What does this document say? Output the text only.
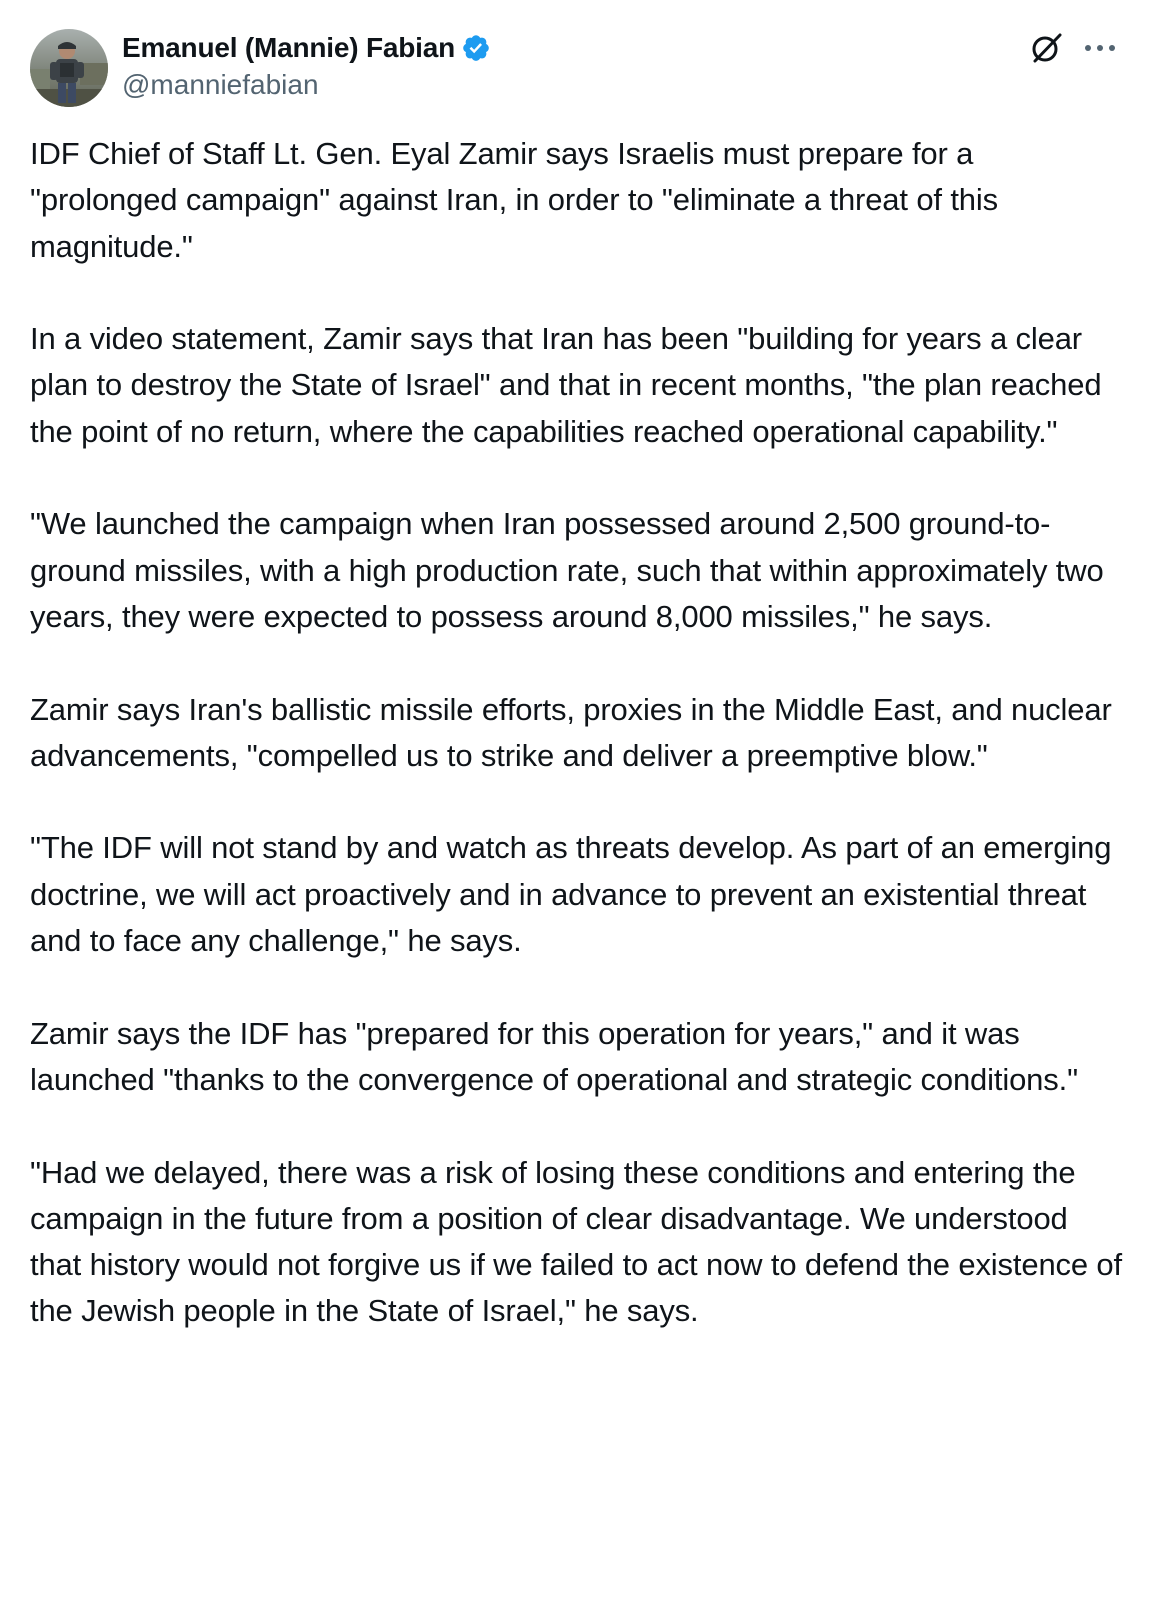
Emanuel (Mannie) Fabian
@manniefabian

IDF Chief of Staff Lt. Gen. Eyal Zamir says Israelis must prepare for a "prolonged campaign" against Iran, in order to "eliminate a threat of this magnitude."

In a video statement, Zamir says that Iran has been "building for years a clear plan to destroy the State of Israel" and that in recent months, "the plan reached the point of no return, where the capabilities reached operational capability."

"We launched the campaign when Iran possessed around 2,500 ground-to-ground missiles, with a high production rate, such that within approximately two years, they were expected to possess around 8,000 missiles," he says.

Zamir says Iran's ballistic missile efforts, proxies in the Middle East, and nuclear advancements, "compelled us to strike and deliver a preemptive blow."

"The IDF will not stand by and watch as threats develop. As part of an emerging doctrine, we will act proactively and in advance to prevent an existential threat and to face any challenge," he says.

Zamir says the IDF has "prepared for this operation for years," and it was launched "thanks to the convergence of operational and strategic conditions."

"Had we delayed, there was a risk of losing these conditions and entering the campaign in the future from a position of clear disadvantage. We understood that history would not forgive us if we failed to act now to defend the existence of the Jewish people in the State of Israel," he says.
